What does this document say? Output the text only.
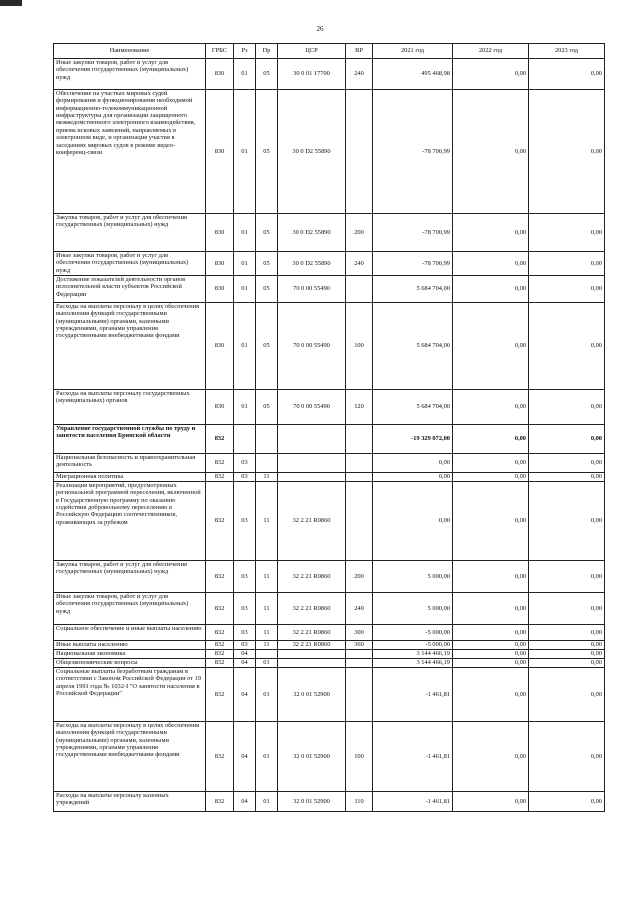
26
Наименование	ГРБС	Рз	Пр	ЦСР	ВР	2021 год	2022 год	2023 год
Иные закупки товаров, работ и услуг для обеспечения государственных (муниципальных) нужд	830	01	05	30 0 01 17700	240	495 468,98	0,00	0,00
Обеспечение на участках мировых судей формирования и функционирования необходимой информационно-телекоммуникационной инфраструктуры для организации защищенного межведомственного электронного взаимодействия, приема исковых заявлений, направляемых в электронном виде, и организация участия в заседаниях мировых судов в режиме видео-конференц-связи	830	01	05	30 0 D2 55890		-78 700,99	0,00	0,00
Закупка товаров, работ и услуг для обеспечения государственных (муниципальных) нужд	830	01	05	30 0 D2 55890	200	-78 700,99	0,00	0,00
Иные закупки товаров, работ и услуг для обеспечения государственных (муниципальных) нужд	830	01	05	30 0 D2 55890	240	-78 700,99	0,00	0,00
Достижение показателей деятельности органов исполнительной власти субъектов Российской Федерации	830	01	05	70 0 00 55490		5 684 704,00	0,00	0,00
Расходы на выплаты персоналу в целях обеспечения выполнения функций государственными (муниципальными) органами, казенными учреждениями, органами управления государственными внебюджетными фондами	830	01	05	70 0 00 55490	100	5 684 704,00	0,00	0,00
Расходы на выплаты персоналу государственных (муниципальных) органов	830	01	05	70 0 00 55490	120	5 684 704,00	0,00	0,00
Управление государственной службы по труду и занятости населения Брянской области	832					-19 329 072,00	0,00	0,00
Национальная безопасность и правоохранительная деятельность	832	03				0,00	0,00	0,00
Миграционная политика	832	03	11			0,00	0,00	0,00
Реализация мероприятий, предусмотренных региональной программой переселения, включенной в Государственную программу по оказанию содействия добровольному переселению в Российскую Федерацию соотечественников, проживающих за рубежом	832	03	11	32 2 21 R0860		0,00	0,00	0,00
Закупка товаров, работ и услуг для обеспечения государственных (муниципальных) нужд	832	03	11	32 2 21 R0860	200	5 000,00	0,00	0,00
Иные закупки товаров, работ и услуг для обеспечения государственных (муниципальных) нужд	832	03	11	32 2 21 R0860	240	5 000,00	0,00	0,00
Социальное обеспечение и иные выплаты населению	832	03	11	32 2 21 R0860	300	-5 000,00	0,00	0,00
Иные выплаты населению	832	03	11	32 2 21 R0860	360	-5 000,00	0,00	0,00
Национальная экономика	832	04				3 144 466,19	0,00	0,00
Общеэкономические вопросы	832	04	01			3 144 466,19	0,00	0,00
Социальные выплаты безработным гражданам в соответствии с Законом Российской Федерации от 19 апреля 1991 года № 1032-I "О занятости населения в Российской Федерации"	832	04	01	32 0 01 52900		-1 461,81	0,00	0,00
Расходы на выплаты персоналу в целях обеспечения выполнения функций государственными (муниципальными) органами, казенными учреждениями, органами управления государственными внебюджетными фондами	832	04	01	32 0 01 52900	100	-1 461,81	0,00	0,00
Расходы на выплаты персоналу казенных учреждений	832	04	01	32 0 01 52900	110	-1 461,81	0,00	0,00
